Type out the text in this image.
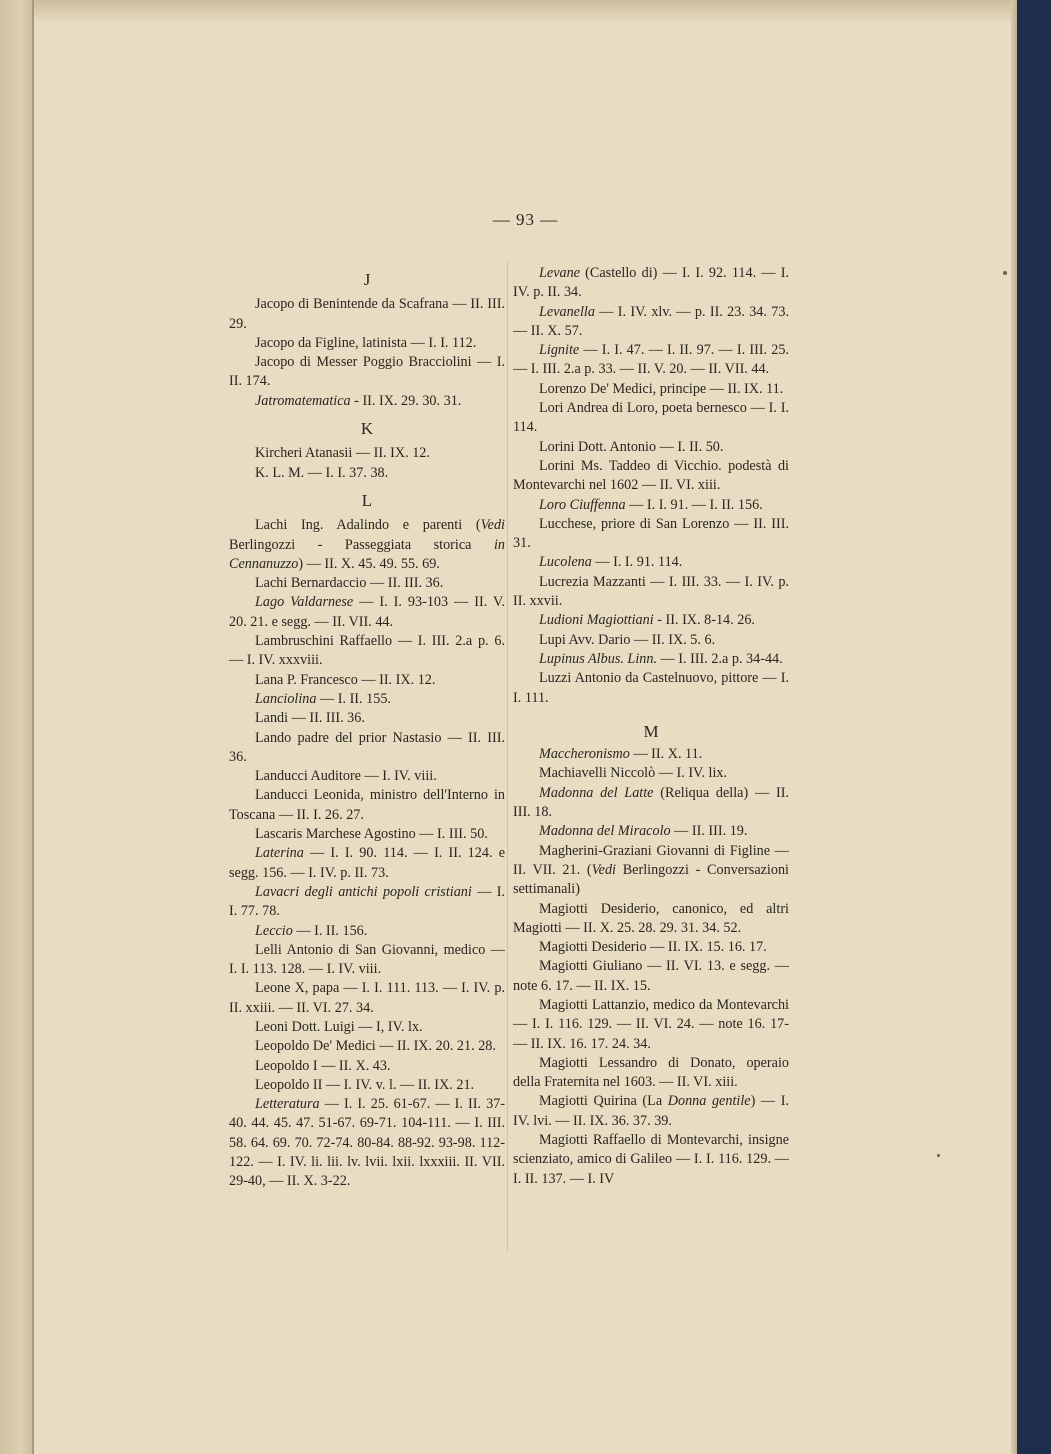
— 93 —
J

Jacopo di Benintende da Scafrana — II. III. 29.

Jacopo da Figline, latinista — I. I. 112.

Jacopo di Messer Poggio Bracciolini — I. II. 174.

Jatromatematica - II. IX. 29. 30. 31.

K

Kircheri Atanasii — II. IX. 12.

K. L. M. — I. I. 37. 38.

L

Lachi Ing. Adalindo e parenti (Vedi Berlingozzi - Passeggiata storica in Cennanuzzo) — II. X. 45. 49. 55. 69.

Lachi Bernardaccio — II. III. 36.

Lago Valdarnese — I. I. 93-103 — II. V. 20. 21. e segg. — II. VII. 44.

Lambruschini Raffaello — I. III. 2.a p. 6. — I. IV. xxxviii.

Lana P. Francesco — II. IX. 12.

Lanciolina — I. II. 155.

Landi — II. III. 36.

Lando padre del prior Nastasio — II. III. 36.

Landucci Auditore — I. IV. viii.

Landucci Leonida, ministro dell'Interno in Toscana — II. I. 26. 27.

Lascaris Marchese Agostino — I. III. 50.

Laterina — I. I. 90. 114. — I. II. 124. e segg. 156. — I. IV. p. II. 73.

Lavacri degli antichi popoli cristiani — I. I. 77. 78.

Leccio — I. II. 156.

Lelli Antonio di San Giovanni, medico — I. I. 113. 128. — I. IV. viii.

Leone X, papa — I. I. 111. 113. — I. IV. p. II. xxiii. — II. VI. 27. 34.

Leoni Dott. Luigi — I, IV. lx.

Leopoldo De' Medici — II. IX. 20. 21. 28.

Leopoldo I — II. X. 43.

Leopoldo II — I. IV. v. l. — II. IX. 21.

Letteratura — I. I. 25. 61-67. — I. II. 37-40. 44. 45. 47. 51-67. 69-71. 104-111. — I. III. 58. 64. 69. 70. 72-74. 80-84. 88-92. 93-98. 112-122. — I. IV. li. lii. lv. lvii. lxii. lxxxiii. II. VII. 29-40, — II. X. 3-22.

Levane (Castello di) — I. I. 92. 114. — I. IV. p. II. 34.

Levanella — I. IV. xlv. — p. II. 23. 34. 73. — II. X. 57.

Lignite — I. I. 47. — I. II. 97. — I. III. 25. — I. III. 2.a p. 33. — II. V. 20. — II. VII. 44.

Lorenzo De' Medici, principe — II. IX. 11.

Lori Andrea di Loro, poeta bernesco — I. I. 114.

Lorini Dott. Antonio — I. II. 50.

Lorini Ms. Taddeo di Vicchio. podestà di Montevarchi nel 1602 — II. VI. xiii.

Loro Ciuffenna — I. I. 91. — I. II. 156.

Lucchese, priore di San Lorenzo — II. III. 31.

Lucolena — I. I. 91. 114.

Lucrezia Mazzanti — I. III. 33. — I. IV. p. II. xxvii.

Ludioni Magiottiani - II. IX. 8-14. 26.

Lupi Avv. Dario — II. IX. 5. 6.

Lupinus Albus. Linn. — I. III. 2.a p. 34-44.

Luzzi Antonio da Castelnuovo, pittore — I. I. 111.

M

Maccheronismo — II. X. 11.

Machiavelli Niccolò — I. IV. lix.

Madonna del Latte (Reliqua della) — II. III. 18.

Madonna del Miracolo — II. III. 19.

Magherini-Graziani Giovanni di Figline — II. VII. 21. (Vedi Berlingozzi - Conversazioni settimanali)

Magiotti Desiderio, canonico, ed altri Magiotti — II. X. 25. 28. 29. 31. 34. 52.

Magiotti Desiderio — II. IX. 15. 16. 17.

Magiotti Giuliano — II. VI. 13. e segg. — note 6. 17. — II. IX. 15.

Magiotti Lattanzio, medico da Montevarchi — I. I. 116. 129. — II. VI. 24. — note 16. 17- — II. IX. 16. 17. 24. 34.

Magiotti Lessandro di Donato, operaio della Fraternita nel 1603. — II. VI. xiii.

Magiotti Quirina (La Donna gentile) — I. IV. lvi. — II. IX. 36. 37. 39.

Magiotti Raffaello di Montevarchi, insigne scienziato, amico di Galileo — I. I. 116. 129. — I. II. 137. — I. IV
